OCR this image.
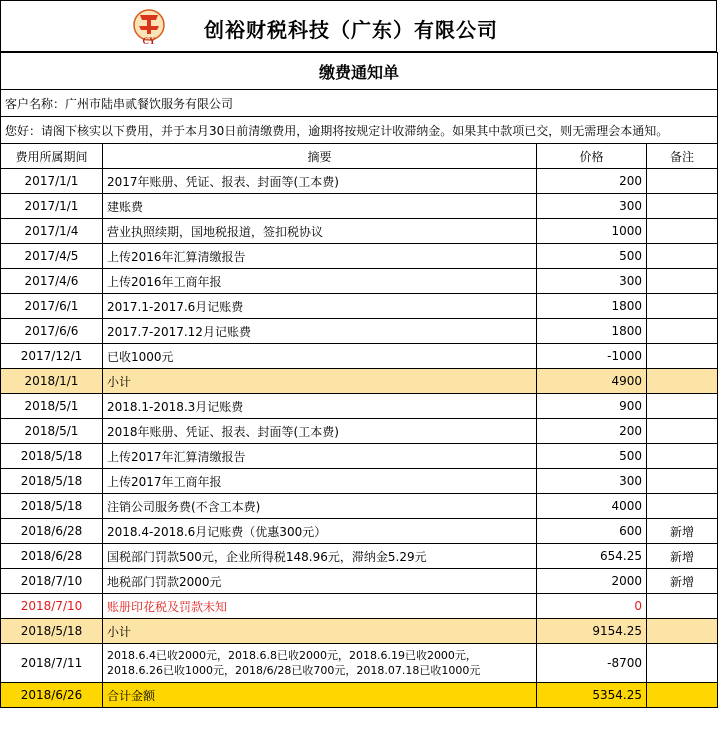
CY 创裕财税科技（广东）有限公司
缴费通知单			
客户名称：广州市陆串贰餐饮服务有限公司			
您好：请阁下核实以下费用，并于本月30日前清缴费用，逾期将按规定计收滞纳金。如果其中款项已交，则无需理会本通知。			
费用所属期间	摘要	价格	备注
2017/1/1	2017年账册、凭证、报表、封面等(工本费)	200	
2017/1/1	建账费	300	
2017/1/4	营业执照续期，国地税报道，签扣税协议	1000	
2017/4/5	上传2016年汇算清缴报告	500	
2017/4/6	上传2016年工商年报	300	
2017/6/1	2017.1-2017.6月记账费	1800	
2017/6/6	2017.7-2017.12月记账费	1800	
2017/12/1	已收1000元	-1000	
2018/1/1	小计	4900	
2018/5/1	2018.1-2018.3月记账费	900	
2018/5/1	2018年账册、凭证、报表、封面等(工本费)	200	
2018/5/18	上传2017年汇算清缴报告	500	
2018/5/18	上传2017年工商年报	300	
2018/5/18	注销公司服务费(不含工本费)	4000	
2018/6/28	2018.4-2018.6月记账费（优惠300元）	600	新增
2018/6/28	国税部门罚款500元，企业所得税148.96元，滞纳金5.29元	654.25	新增
2018/7/10	地税部门罚款2000元	2000	新增
2018/7/10	账册印花税及罚款未知	0	
2018/5/18	小计	9154.25	
2018/7/11	2018.6.4已收2000元，2018.6.8已收2000元，2018.6.19已收2000元，2018.6.26已收1000元，2018/6/28已收700元，2018.07.18已收1000元	-8700	
2018/6/26	合计金额	5354.25	
